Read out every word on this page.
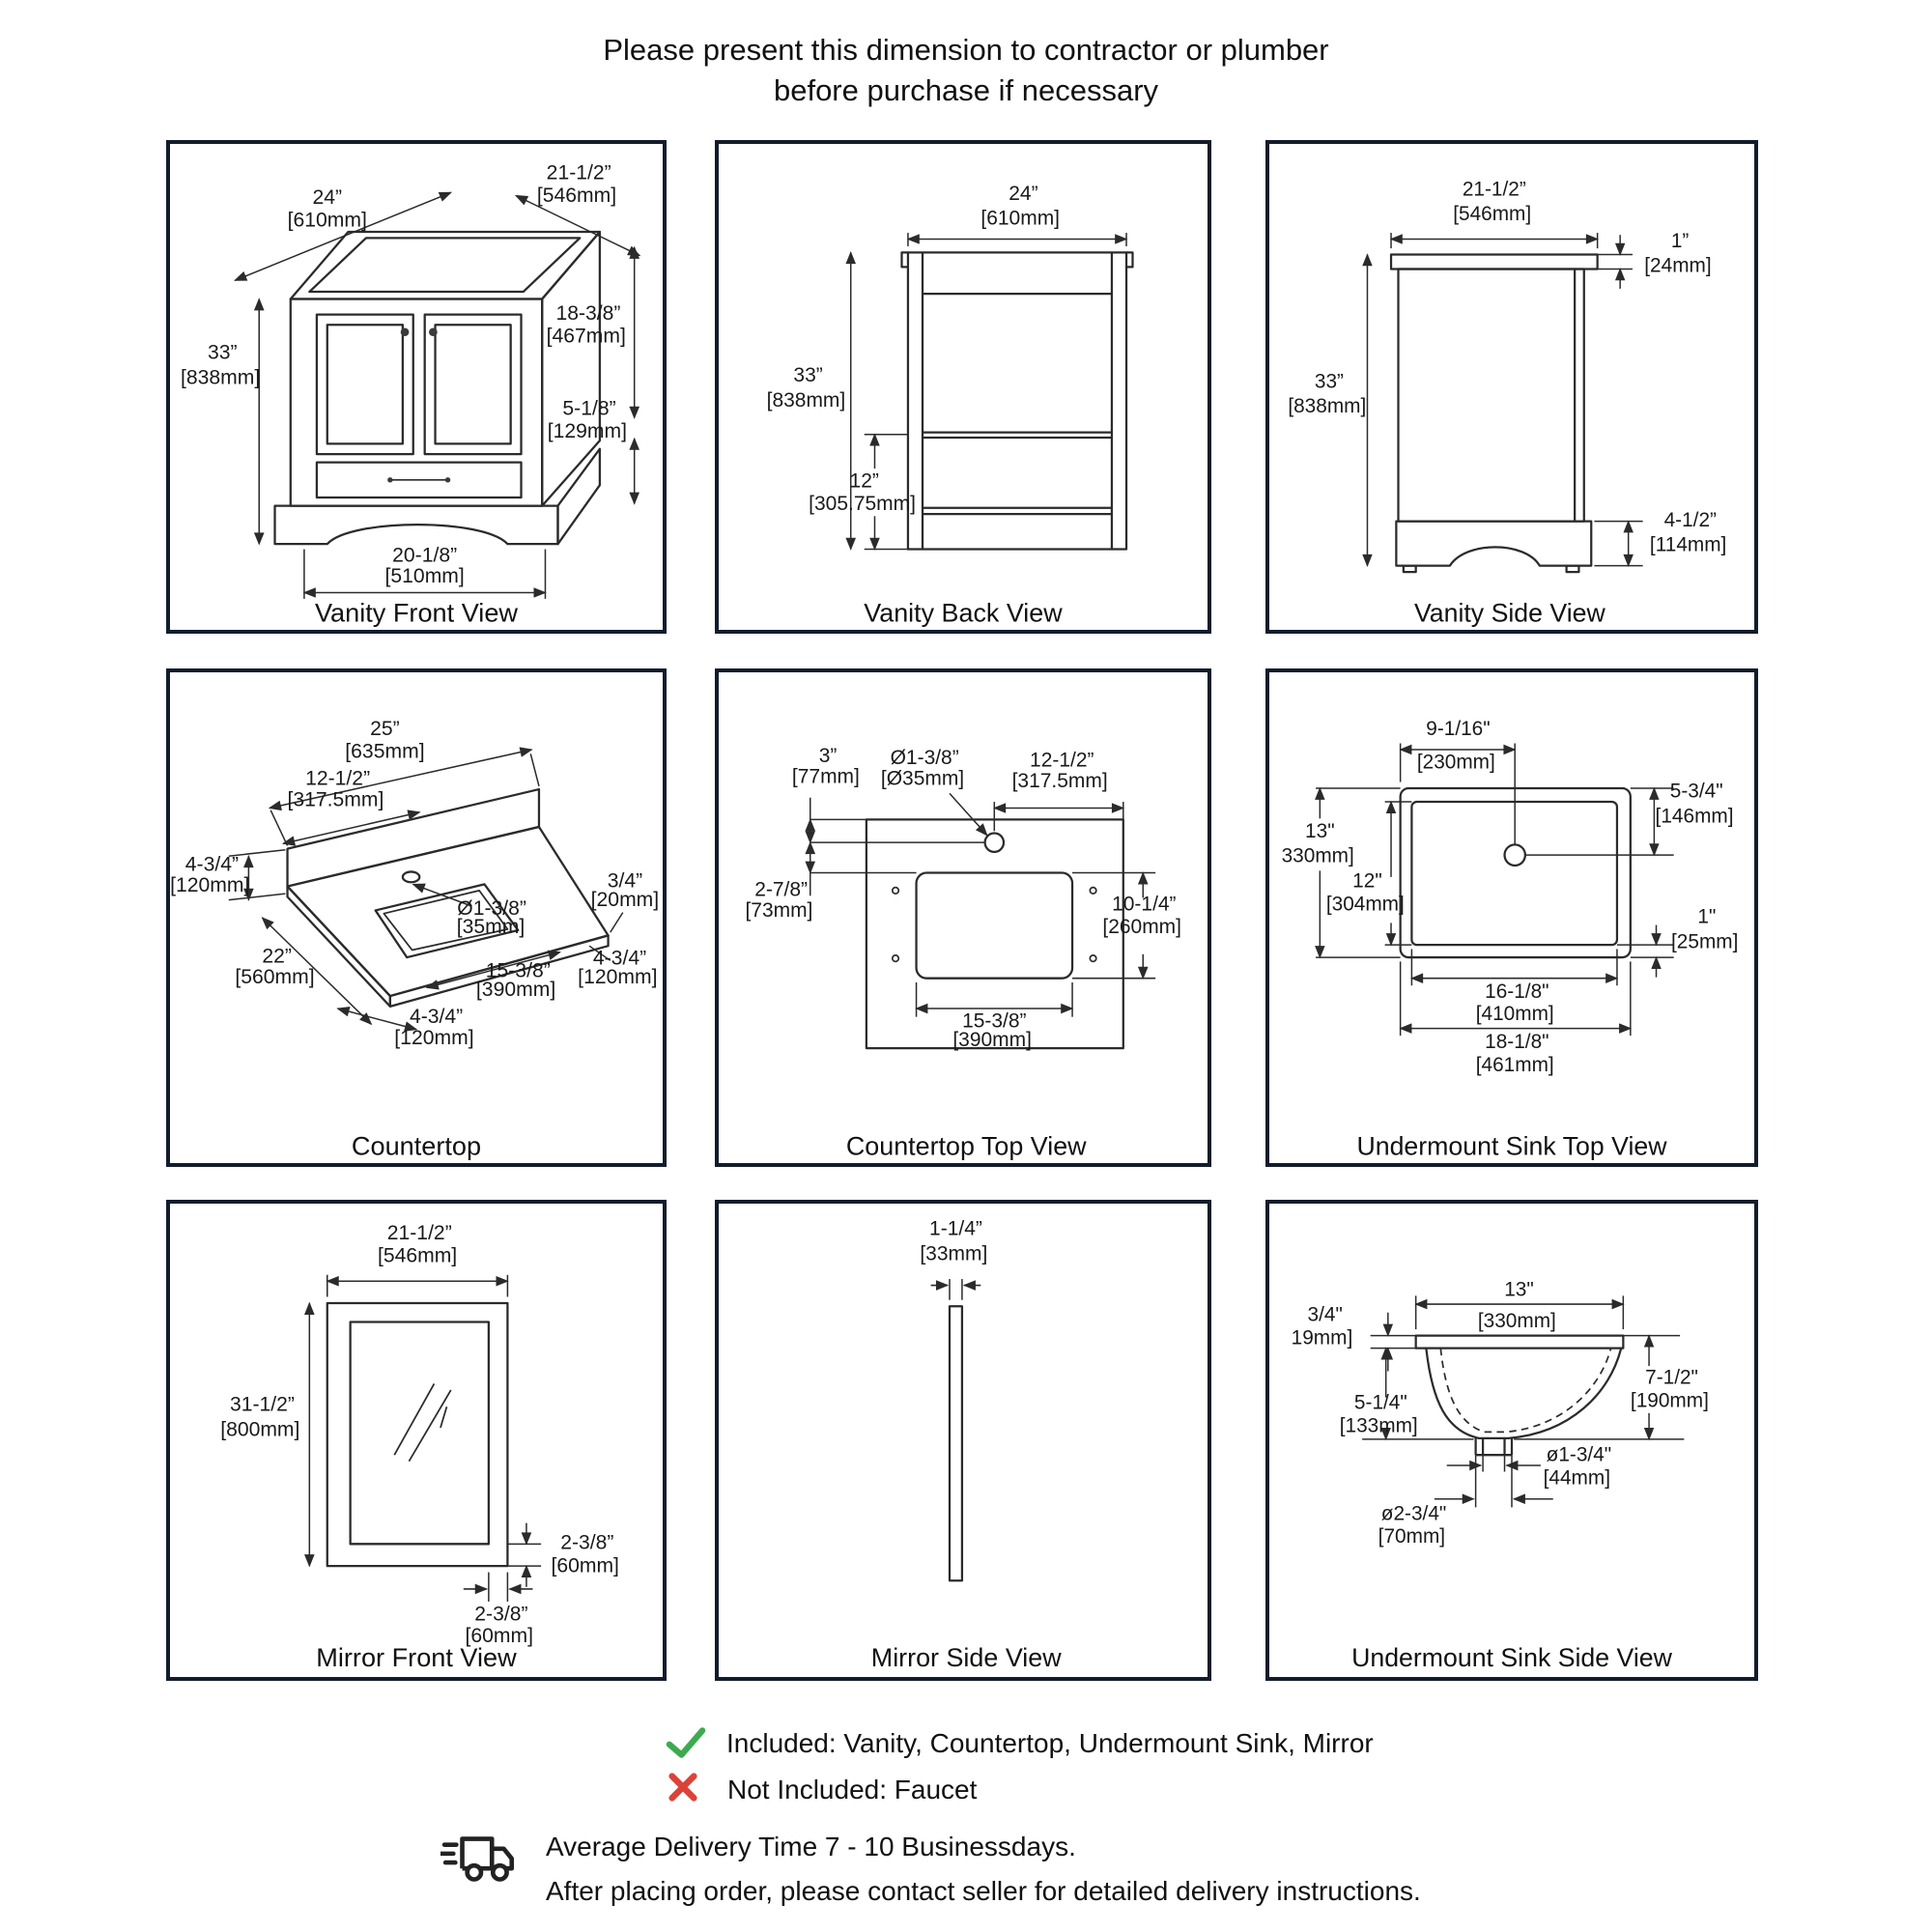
Please present this dimension to contractor or plumber
before purchase if necessary
24”
[610mm]
21-1/2”
[546mm]
33”
[838mm]
18-3/8”
[467mm]
5-1/8”
[129mm]
20-1/8”
[510mm]
Vanity Front View
24”
[610mm]
33”
[838mm]
12”
[305.75mm]
Vanity Back View
21-1/2”
[546mm]
1”
[24mm]
33”
[838mm]
4-1/2”
[114mm]
Vanity Side View
25”
[635mm]
12-1/2”
[317.5mm]
4-3/4”
[120mm]
22”
[560mm]
Ø1-3/8”
[35mm]
3/4”
[20mm]
15-3/8”
[390mm]
4-3/4”
[120mm]
4-3/4”
[120mm]
Countertop
3”
[77mm]
Ø1-3/8”
[Ø35mm]
12-1/2”
[317.5mm]
2-7/8”
[73mm]	10-1/4”
[260mm]
15-3/8”
[390mm]
Countertop Top View
9-1/16"
[230mm]
13"
330mm]
12"
[304mm]
5-3/4"
[146mm]
1"
[25mm]
16-1/8"
[410mm]
18-1/8"
[461mm]
Undermount Sink Top View
21-1/2”
[546mm]
31-1/2”
[800mm]
2-3/8”
[60mm]
2-3/8”
[60mm]
Mirror Front View
1-1/4”
[33mm]
Mirror Side View
13"
[330mm]
3/4"
19mm]
5-1/4"
[133mm]
7-1/2"
[190mm]
ø1-3/4"
[44mm]
ø2-3/4"
[70mm]
Undermount Sink Side View
Included: Vanity, Countertop, Undermount Sink, Mirror
Not Included: Faucet
Average Delivery Time 7 - 10 Businessdays.
After placing order, please contact seller for detailed delivery instructions.
